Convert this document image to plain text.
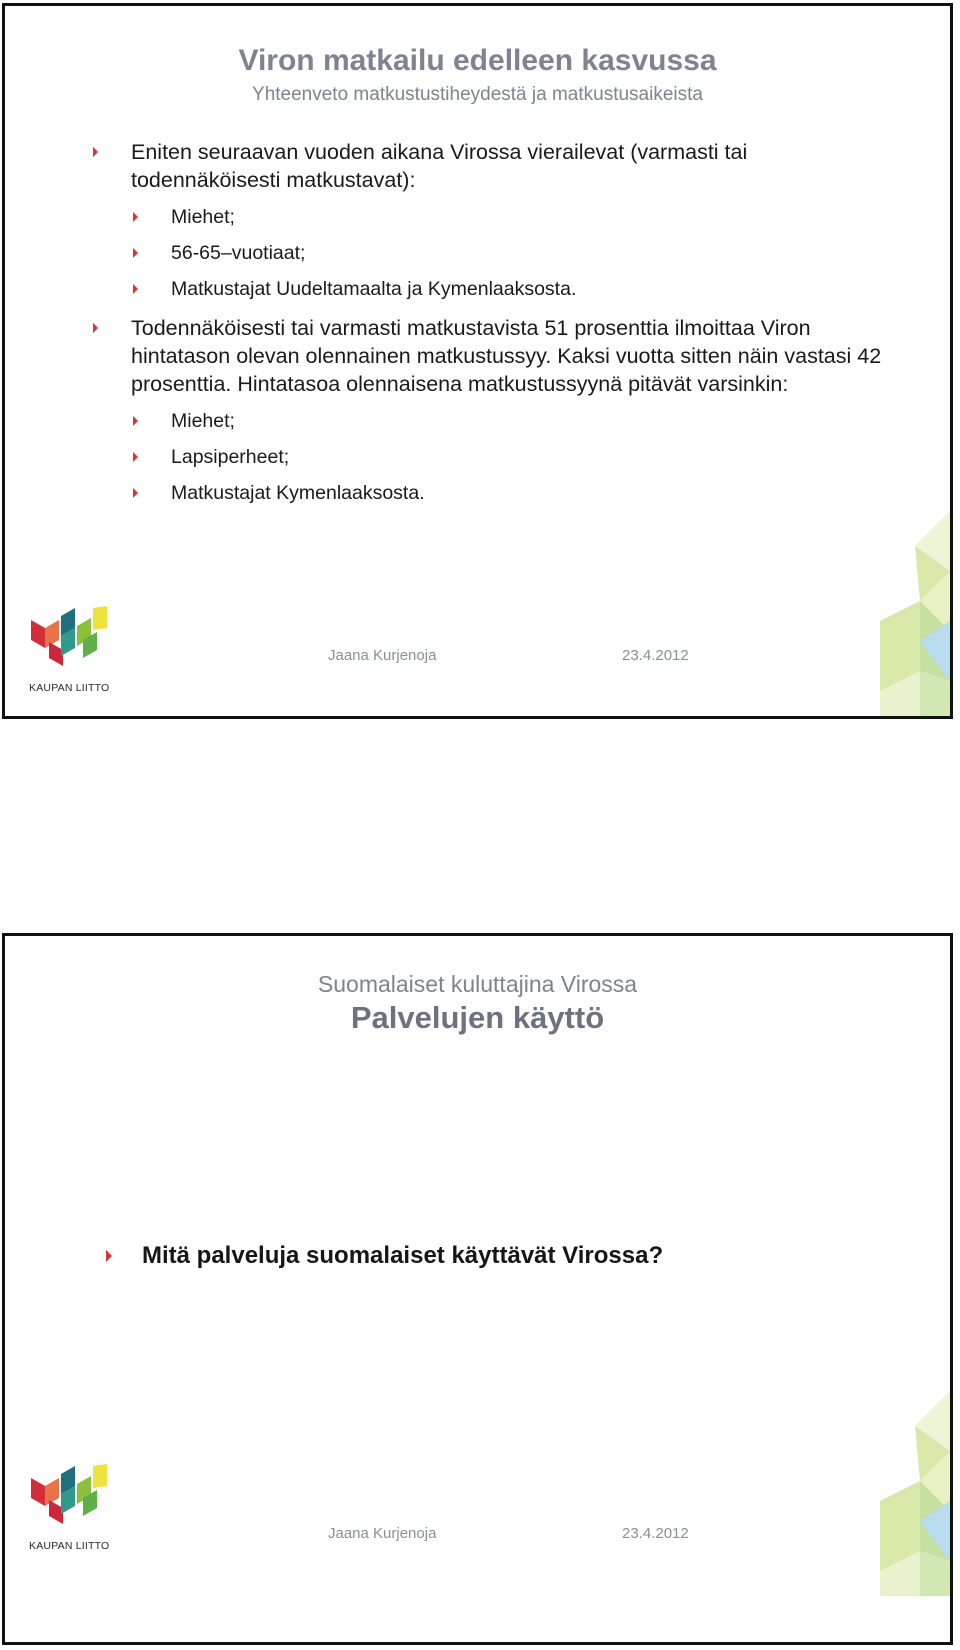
Viron matkailu edelleen kasvussa
Yhteenveto matkustustiheydestä ja matkustusaikeista
Eniten seuraavan vuoden aikana Virossa vierailevat (varmasti tai todennäköisesti matkustavat):
Miehet;
56-65–vuotiaat;
Matkustajat Uudeltamaalta ja Kymenlaaksosta.
Todennäköisesti tai varmasti matkustavista 51 prosenttia ilmoittaa Viron hintatason olevan olennainen matkustussyy. Kaksi vuotta sitten näin vastasi 42 prosenttia. Hintatasoa olennaisena matkustussyynä pitävät varsinkin:
Miehet;
Lapsiperheet;
Matkustajat Kymenlaaksosta.
KAUPAN LIITTO
Jaana Kurjenoja	23.4.2012
Suomalaiset kuluttajina Virossa
Palvelujen käyttö
KAUPAN LIITTO
Jaana Kurjenoja	23.4.2012
Mitä palveluja suomalaiset käyttävät Virossa?
